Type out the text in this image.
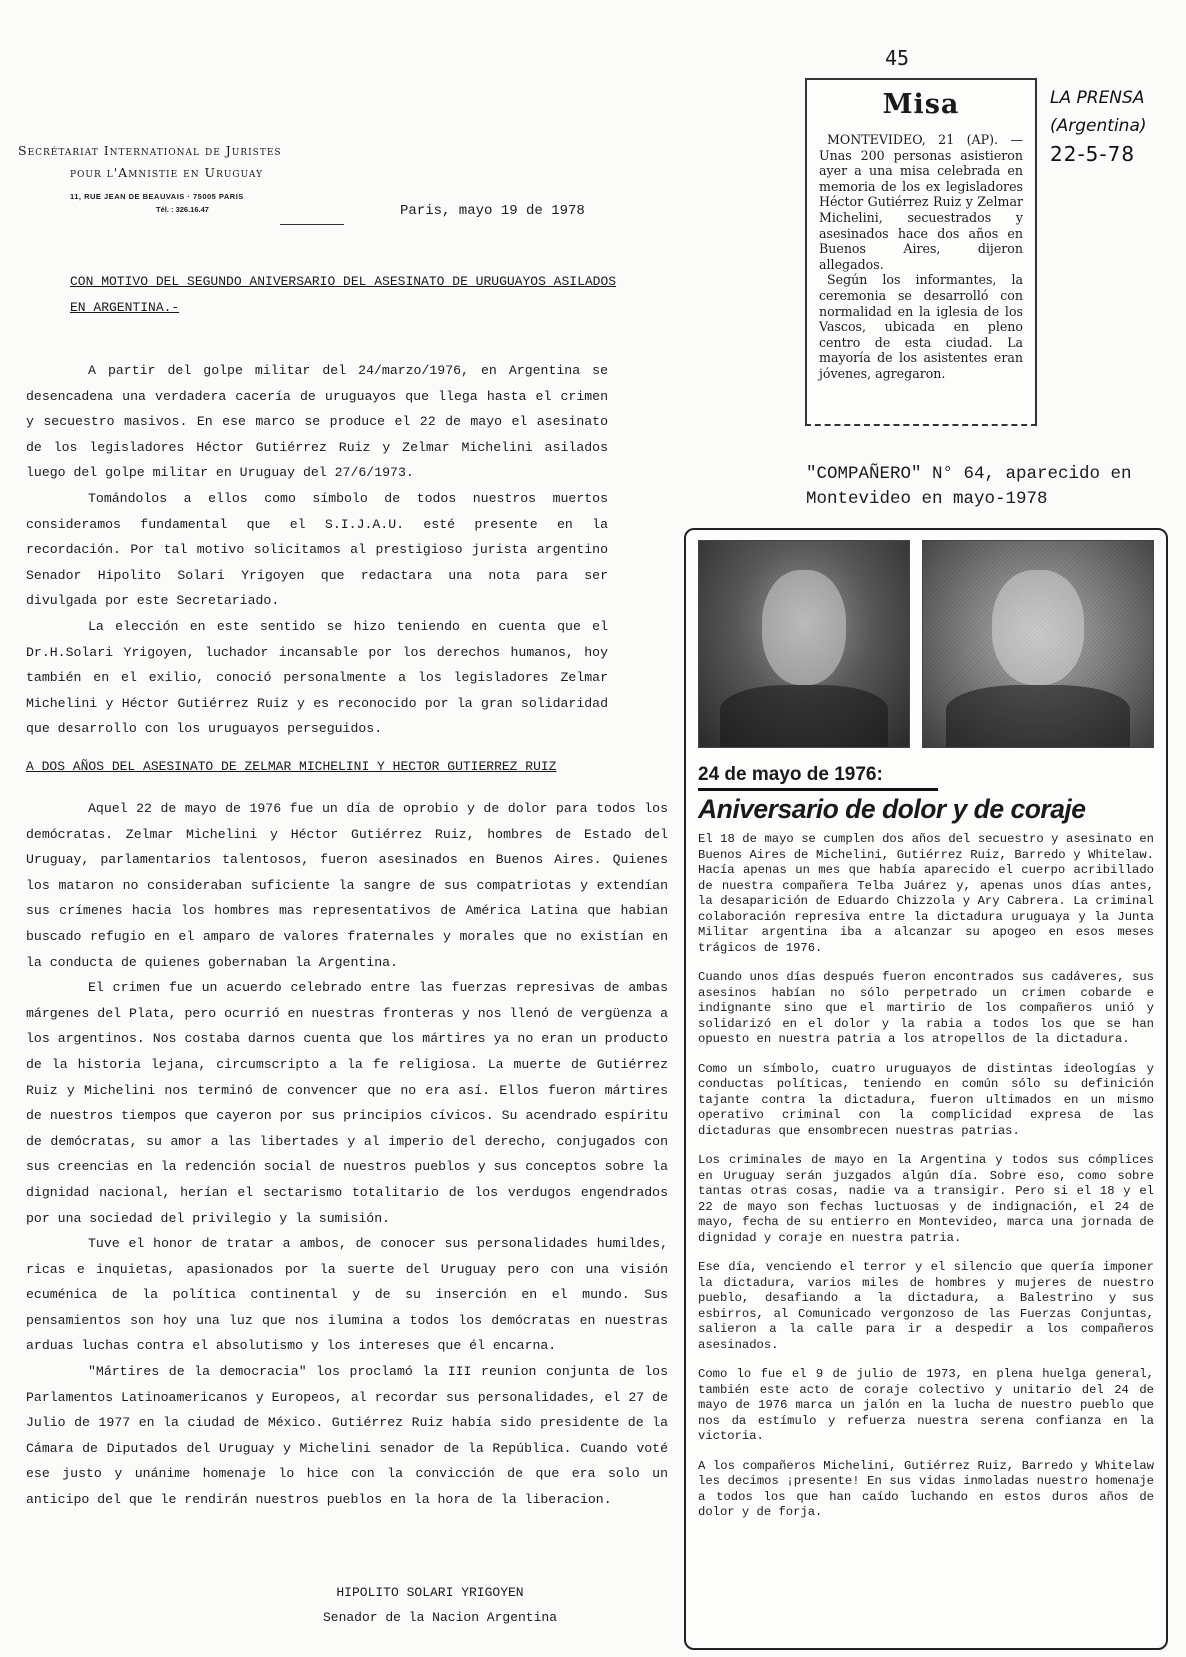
45
Secrétariat International de Juristes
pour l'Amnistie en Uruguay
11, RUE JEAN DE BEAUVAIS · 75005 PARIS
Tél. : 326.16.47	Paris, mayo 19 de 1978
CON MOTIVO DEL SEGUNDO ANIVERSARIO DEL ASESINATO DE URUGUAYOS ASILADOS EN ARGENTINA.-

A partir del golpe militar del 24/marzo/1976, en Argentina se desencadena una verdadera cacería de uruguayos que llega hasta el crimen y secuestro masivos. En ese marco se produce el 22 de mayo el asesinato de los legisladores Héctor Gutiérrez Ruiz y Zelmar Michelini asilados luego del golpe militar en Uruguay del 27/6/1973.

Tomándolos a ellos como símbolo de todos nuestros muertos consideramos fundamental que el S.I.J.A.U. esté presente en la recordación. Por tal motivo solicitamos al prestigioso jurista argentino Senador Hipolito Solari Yrigoyen que redactara una nota para ser divulgada por este Secretariado.

La elección en este sentido se hizo teniendo en cuenta que el Dr.H.Solari Yrigoyen, luchador incansable por los derechos humanos, hoy también en el exilio, conoció personalmente a los legisladores Zelmar Michelini y Héctor Gutiérrez Ruiz y es reconocido por la gran solidaridad que desarrollo con los uruguayos perseguidos.

A DOS AÑOS DEL ASESINATO DE ZELMAR MICHELINI Y HECTOR GUTIERREZ RUIZ

Aquel 22 de mayo de 1976 fue un día de oprobio y de dolor para todos los demócratas. Zelmar Michelini y Héctor Gutiérrez Ruiz, hombres de Estado del Uruguay, parlamentarios talentosos, fueron asesinados en Buenos Aires. Quienes los mataron no consideraban suficiente la sangre de sus compatriotas y extendían sus crímenes hacia los hombres mas representativos de América Latina que habian buscado refugio en el amparo de valores fraternales y morales que no existían en la conducta de quienes gobernaban la Argentina.

El crimen fue un acuerdo celebrado entre las fuerzas represivas de ambas márgenes del Plata, pero ocurrió en nuestras fronteras y nos llenó de vergüenza a los argentinos. Nos costaba darnos cuenta que los mártires ya no eran un producto de la historia lejana, circumscripto a la fe religiosa. La muerte de Gutiérrez Ruiz y Michelini nos terminó de convencer que no era así. Ellos fueron mártires de nuestros tiempos que cayeron por sus principios cívicos. Su acendrado espíritu de demócratas, su amor a las libertades y al imperio del derecho, conjugados con sus creencias en la redención social de nuestros pueblos y sus conceptos sobre la dignidad nacional, herían el sectarismo totalitario de los verdugos engendrados por una sociedad del privilegio y la sumisión.

Tuve el honor de tratar a ambos, de conocer sus personalidades humildes, ricas e inquietas, apasionados por la suerte del Uruguay pero con una visión ecuménica de la política continental y de su inserción en el mundo. Sus pensamientos son hoy una luz que nos ilumina a todos los demócratas en nuestras arduas luchas contra el absolutismo y los intereses que él encarna.

"Mártires de la democracia" los proclamó la III reunion conjunta de los Parlamentos Latinoamericanos y Europeos, al recordar sus personalidades, el 27 de Julio de 1977 en la ciudad de México. Gutiérrez Ruiz había sido presidente de la Cámara de Diputados del Uruguay y Michelini senador de la República. Cuando voté ese justo y unánime homenaje lo hice con la convicción de que era solo un anticipo del que le rendirán nuestros pueblos en la hora de la liberacion.

HIPOLITO SOLARI YRIGOYEN
Senador de la Nacion Argentina
Misa

MONTEVIDEO, 21 (AP). — Unas 200 personas asistieron ayer a una misa celebrada en memoria de los ex legisladores Héctor Gutiérrez Ruiz y Zelmar Michelini, secuestrados y asesinados hace dos años en Buenos Aires, dijeron allegados.

Según los informantes, la ceremonia se desarrolló con normalidad en la iglesia de los Vascos, ubicada en pleno centro de esta ciudad. La mayoría de los asistentes eran jóvenes, agregaron.

LA PRENSA
(Argentina)
22-5-78
"COMPAÑERO" N° 64, aparecido en Montevideo en mayo-1978
24 de mayo de 1976:
Aniversario de dolor y de coraje

El 18 de mayo se cumplen dos años del secuestro y asesinato en Buenos Aires de Michelini, Gutiérrez Ruiz, Barredo y Whitelaw. Hacía apenas un mes que había aparecido el cuerpo acribillado de nuestra compañera Telba Juárez y, apenas unos días antes, la desaparición de Eduardo Chizzola y Ary Cabrera. La criminal colaboración represiva entre la dictadura uruguaya y la Junta Militar argentina iba a alcanzar su apogeo en esos meses trágicos de 1976.

Cuando unos días después fueron encontrados sus cadáveres, sus asesinos habían no sólo perpetrado un crimen cobarde e indignante sino que el martirio de los compañeros unió y solidarizó en el dolor y la rabia a todos los que se han opuesto en nuestra patria a los atropellos de la dictadura.

Como un símbolo, cuatro uruguayos de distintas ideologías y conductas políticas, teniendo en común sólo su definición tajante contra la dictadura, fueron ultimados en un mismo operativo criminal con la complicidad expresa de las dictaduras que ensombrecen nuestras patrias.

Los criminales de mayo en la Argentina y todos sus cómplices en Uruguay serán juzgados algún día. Sobre eso, como sobre tantas otras cosas, nadie va a transigir. Pero si el 18 y el 22 de mayo son fechas luctuosas y de indignación, el 24 de mayo, fecha de su entierro en Montevideo, marca una jornada de dignidad y coraje en nuestra patria.

Ese día, venciendo el terror y el silencio que quería imponer la dictadura, varios miles de hombres y mujeres de nuestro pueblo, desafiando a la dictadura, a Balestrino y sus esbirros, al Comunicado vergonzoso de las Fuerzas Conjuntas, salieron a la calle para ir a despedir a los compañeros asesinados.

Como lo fue el 9 de julio de 1973, en plena huelga general, también este acto de coraje colectivo y unitario del 24 de mayo de 1976 marca un jalón en la lucha de nuestro pueblo que nos da estímulo y refuerza nuestra serena confianza en la victoria.

A los compañeros Michelini, Gutiérrez Ruiz, Barredo y Whitelaw les decimos ¡presente! En sus vidas inmoladas nuestro homenaje a todos los que han caído luchando en estos duros años de dolor y de forja.
